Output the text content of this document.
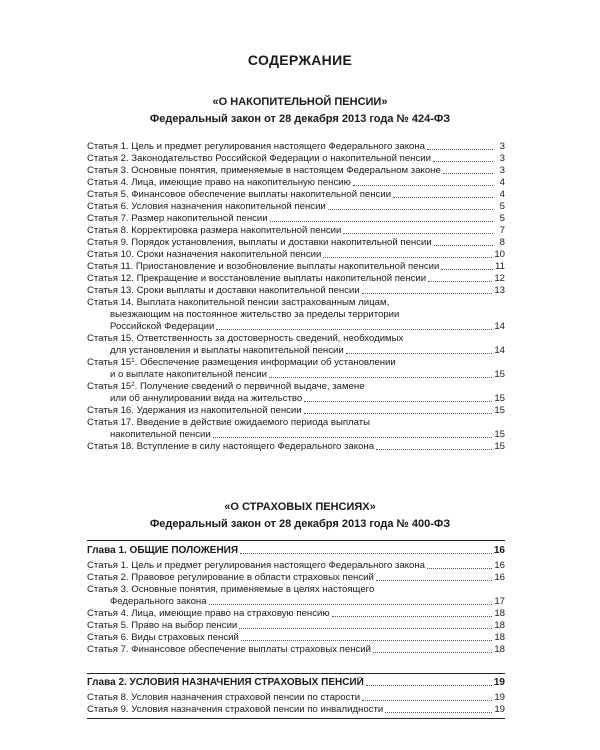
СОДЕРЖАНИЕ
«О НАКОПИТЕЛЬНОЙ ПЕНСИИ»
Федеральный закон от 28 декабря 2013 года № 424-ФЗ
Статья 1. Цель и предмет регулирования настоящего Федерального закона	3
Статья 2. Законодательство Российской Федерации о накопительной пенсии	3
Статья 3. Основные понятия, применяемые в настоящем Федеральном законе	3
Статья 4. Лица, имеющие право на накопительную пенсию	4
Статья 5. Финансовое обеспечение выплаты накопительной пенсии	4
Статья 6. Условия назначения накопительной пенсии	5
Статья 7. Размер накопительной пенсии	5
Статья 8. Корректировка размера накопительной пенсии	7
Статья 9. Порядок установления, выплаты и доставки накопительной пенсии	8
Статья 10. Сроки назначения накопительной пенсии	10
Статья 11. Приостановление и возобновление выплаты накопительной пенсии	11
Статья 12. Прекращение и восстановление выплаты накопительной пенсии	12
Статья 13. Сроки выплаты и доставки накопительной пенсии	13
Статья 14. Выплата накопительной пенсии застрахованным лицам,
выезжающим на постоянное жительство за пределы территории
Российской Федерации	14
Статья 15. Ответственность за достоверность сведений, необходимых
для установления и выплаты накопительной пенсии	14
Статья $15^1$. Обеспечение размещения информации об установлении
и о выплате накопительной пенсии	15
Статья $15^2$. Получение сведений о первичной выдаче, замене
или об аннулировании вида на жительство	15
Статья 16. Удержания из накопительной пенсии	15
Статья 17. Введение в действие ожидаемого периода выплаты
накопительной пенсии	15
Статья 18. Вступление в силу настоящего Федерального закона	15
«О СТРАХОВЫХ ПЕНСИЯХ»
Федеральный закон от 28 декабря 2013 года № 400-ФЗ
Глава 1. ОБЩИЕ ПОЛОЖЕНИЯ	16
Статья 1. Цель и предмет регулирования настоящего Федерального закона	16
Статья 2. Правовое регулирование в области страховых пенсий	16
Статья 3. Основные понятия, применяемые в целях настоящего
Федерального закона	17
Статья 4. Лица, имеющие право на страховую пенсию	18
Статья 5. Право на выбор пенсии	18
Статья 6. Виды страховых пенсий	18
Статья 7. Финансовое обеспечение выплаты страховых пенсий	18
Глава 2. УСЛОВИЯ НАЗНАЧЕНИЯ СТРАХОВЫХ ПЕНСИЙ	19
Статья 8. Условия назначения страховой пенсии по старости	19
Статья 9. Условия назначения страховой пенсии по инвалидности	19
